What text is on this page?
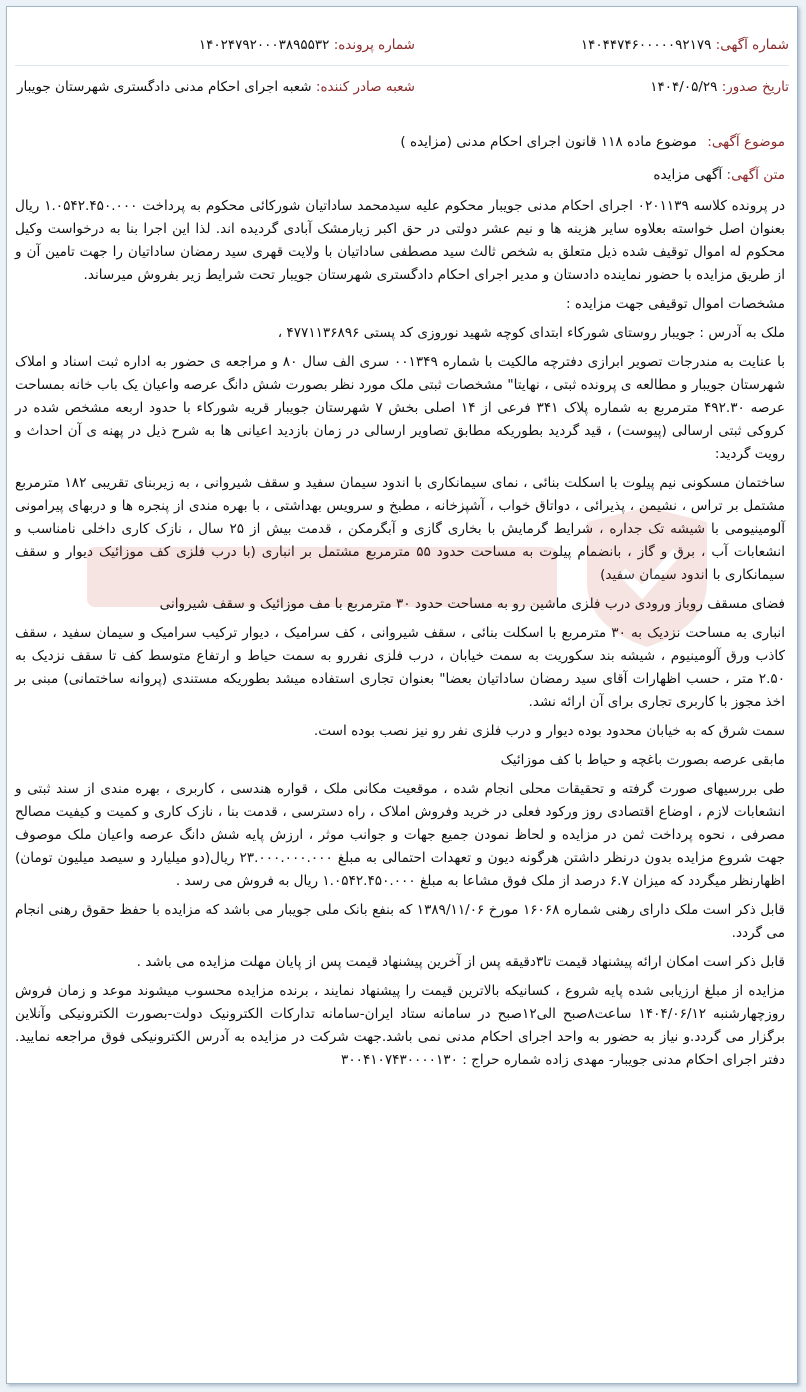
شماره آگهی: ۱۴۰۴۴۷۴۶۰۰۰۰۰۹۲۱۷۹
شماره پرونده: ۱۴۰۲۴۷۹۲۰۰۰۳۸۹۵۵۳۲
تاریخ صدور: ۱۴۰۴/۰۵/۲۹
شعبه صادر کننده: شعبه اجرای احکام مدنی دادگستری شهرستان جویبار
موضوع آگهی: موضوع ماده ۱۱۸ قانون اجرای احکام مدنی (مزایده )
متن آگهی: آگهی مزایده

در پرونده کلاسه ۰۲۰۱۱۳۹ اجرای احکام مدنی جویبار محکوم علیه سیدمحمد ساداتیان شورکائی محکوم به پرداخت ۱.۰۵۴۲.۴۵۰.۰۰۰ ریال بعنوان اصل خواسته بعلاوه سایر هزینه ها و نیم عشر دولتی در حق اکبر زیارمشک آبادی گردیده اند. لذا این اجرا بنا به درخواست وکیل محکوم له اموال توقیف شده ذیل متعلق به شخص ثالث سید مصطفی ساداتیان با ولایت قهری سید رمضان ساداتیان را جهت تامین آن و از طریق مزایده با حضور نماینده دادستان و مدیر اجرای احکام دادگستری شهرستان جویبار تحت شرایط زیر بفروش میرساند.

مشخصات اموال توقیفی جهت مزایده :

ملک به آدرس : جویبار روستای شورکاء ابتدای کوچه شهید نوروزی کد پستی ۴۷۷۱۱۳۶۸۹۶ ،

با عنایت به مندرجات تصویر ابرازی دفترچه مالکیت با شماره ۰۰۱۳۴۹ سری الف سال ۸۰ و مراجعه ی حضور به اداره ثبت اسناد و املاک شهرستان جویبار و مطالعه ی پرونده ثبتی ، نهایتا" مشخصات ثبتی ملک مورد نظر بصورت شش دانگ عرصه واعیان یک باب خانه بمساحت عرصه ۴۹۲.۳۰ مترمربع به شماره پلاک ۳۴۱ فرعی از ۱۴ اصلی بخش ۷ شهرستان جویبار قریه شورکاء با حدود اربعه مشخص شده در کروکی ثبتی ارسالی (پیوست) ، قید گردید بطوریکه مطابق تصاویر ارسالی در زمان بازدید اعیانی ها به شرح ذیل در پهنه ی آن احداث و رویت گردید:

ساختمان مسکونی نیم پیلوت با اسکلت بنائی ، نمای سیمانکاری با اندود سیمان سفید و سقف شیروانی ، به زیربنای تقریبی ۱۸۲ مترمربع مشتمل بر تراس ، نشیمن ، پذیرائی ، دواتاق خواب ، آشپزخانه ، مطبخ و سرویس بهداشتی ، با بهره مندی از پنجره ها و دربهای پیرامونی آلومینیومی با شیشه تک جداره ، شرایط گرمایش با بخاری گازی و آبگرمکن ، قدمت بیش از ۲۵ سال ، نازک کاری داخلی نامناسب و انشعابات آب ، برق و گاز ، بانضمام پیلوت به مساحت حدود ۵۵ مترمربع مشتمل بر انباری (با درب فلزی کف موزائیک دیوار و سقف سیمانکاری با اندود سیمان سفید)

فضای مسقف روباز ورودی درب فلزی ماشین رو به مساحت حدود ۳۰ مترمربع با مف موزائیک و سقف شیروانی

انباری به مساحت نزدیک به ۳۰ مترمربع با اسکلت بنائی ، سقف شیروانی ، کف سرامیک ، دیوار ترکیب سرامیک و سیمان سفید ، سقف کاذب ورق آلومینیوم ، شیشه بند سکوریت به سمت خیابان ، درب فلزی نفررو به سمت حیاط و ارتفاع متوسط کف تا سقف نزدیک به ۲.۵۰ متر ، حسب اظهارات آقای سید رمضان ساداتیان بعضا" بعنوان تجاری استفاده میشد بطوریکه مستندی (پروانه ساختمانی) مبنی بر اخذ مجوز با کاربری تجاری برای آن ارائه نشد.

سمت شرق که به خیابان محدود بوده دیوار و درب فلزی نفر رو نیز نصب بوده است.

مابقی عرصه بصورت باغچه و حیاط با کف موزائیک

طی بررسیهای صورت گرفته و تحقیقات محلی انجام شده ، موقعیت مکانی ملک ، قواره هندسی ، کاربری ، بهره مندی از سند ثبتی و انشعابات لازم ، اوضاع اقتصادی روز ورکود فعلی در خرید وفروش املاک ، راه دسترسی ، قدمت بنا ، نازک کاری و کمیت و کیفیت مصالح مصرفی ، نحوه پرداخت ثمن در مزایده و لحاظ نمودن جمیع جهات و جوانب موثر ، ارزش پایه شش دانگ عرصه واعیان ملک موصوف جهت شروع مزایده بدون درنظر داشتن هرگونه دیون و تعهدات احتمالی به مبلغ ۲۳.۰۰۰.۰۰۰.۰۰۰ ریال(دو میلیارد و سیصد میلیون تومان) اظهارنظر میگردد که میزان ۶.۷ درصد از ملک فوق مشاعا به مبلغ ۱.۰۵۴۲.۴۵۰.۰۰۰ ریال به فروش می رسد .

قابل ذکر است ملک دارای رهنی شماره ۱۶۰۶۸ مورخ ۱۳۸۹/۱۱/۰۶ که بنفع بانک ملی جویبار می باشد که مزایده با حفظ حقوق رهنی انجام می گردد.

قابل ذکر است امکان ارائه پیشنهاد قیمت تا۳دقیقه پس از آخرین پیشنهاد قیمت پس از پایان مهلت مزایده می باشد .

مزایده از مبلغ ارزیابی شده پایه شروع ، کسانیکه بالاترین قیمت را پیشنهاد نمایند ، برنده مزایده محسوب میشوند موعد و زمان فروش روزچهارشنبه ۱۴۰۴/۰۶/۱۲ ساعت۸صبح الی۱۲صبح در سامانه ستاد ایران-سامانه تدارکات الکترونیک دولت-بصورت الکترونیکی وآنلاین برگزار می گردد.و نیاز به حضور به واحد اجرای احکام مدنی نمی باشد.جهت شرکت در مزایده به آدرس الکترونیکی فوق مراجعه نمایید. دفتر اجرای احکام مدنی جویبار- مهدی زاده شماره حراج : ۳۰۰۴۱۰۷۴۳۰۰۰۰۱۳۰
